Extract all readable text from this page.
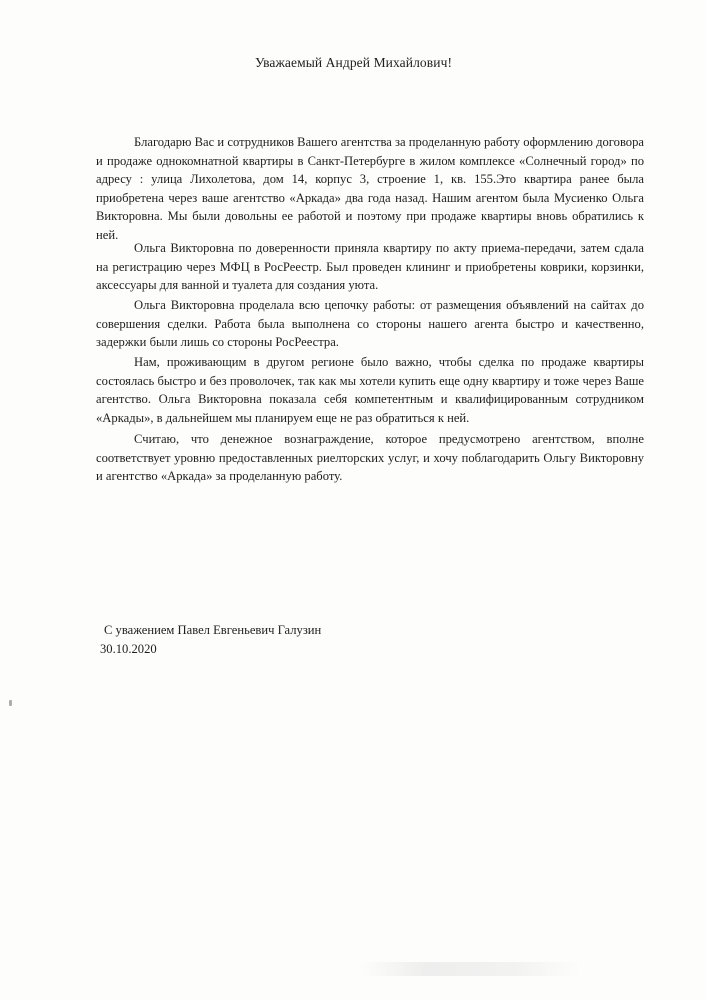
Уважаемый Андрей Михайлович!

Благодарю Вас и сотрудников Вашего агентства за проделанную работу оформлению договора и продаже однокомнатной квартиры в Санкт-Петербурге в жилом комплексе «Солнечный город» по адресу : улица Лихолетова, дом 14, корпус 3, строение 1, кв. 155.Это квартира ранее была приобретена через ваше агентство «Аркада» два года назад. Нашим агентом была Мусиенко Ольга Викторовна. Мы были довольны ее работой и поэтому при продаже квартиры вновь обратились к ней.

Ольга Викторовна по доверенности приняла квартиру по акту приема-передачи, затем сдала на регистрацию через МФЦ в РосРеестр. Был проведен клининг и приобретены коврики, корзинки, аксессуары для ванной и туалета для создания уюта.

Ольга Викторовна проделала всю цепочку работы: от размещения объявлений на сайтах до совершения сделки. Работа была выполнена со стороны нашего агента быстро и качественно, задержки были лишь со стороны РосРеестра.

Нам, проживающим в другом регионе было важно, чтобы сделка по продаже квартиры состоялась быстро и без проволочек, так как мы хотели купить еще одну квартиру и тоже через Ваше агентство. Ольга Викторовна показала себя компетентным и квалифицированным сотрудником «Аркады», в дальнейшем мы планируем еще не раз обратиться к ней.

Считаю, что денежное вознаграждение, которое предусмотрено агентством, вполне соответствует уровню предоставленных риелторских услуг, и хочу поблагодарить Ольгу Викторовну и агентство «Аркада» за проделанную работу.

С уважением Павел Евгеньевич Галузин
30.10.2020
